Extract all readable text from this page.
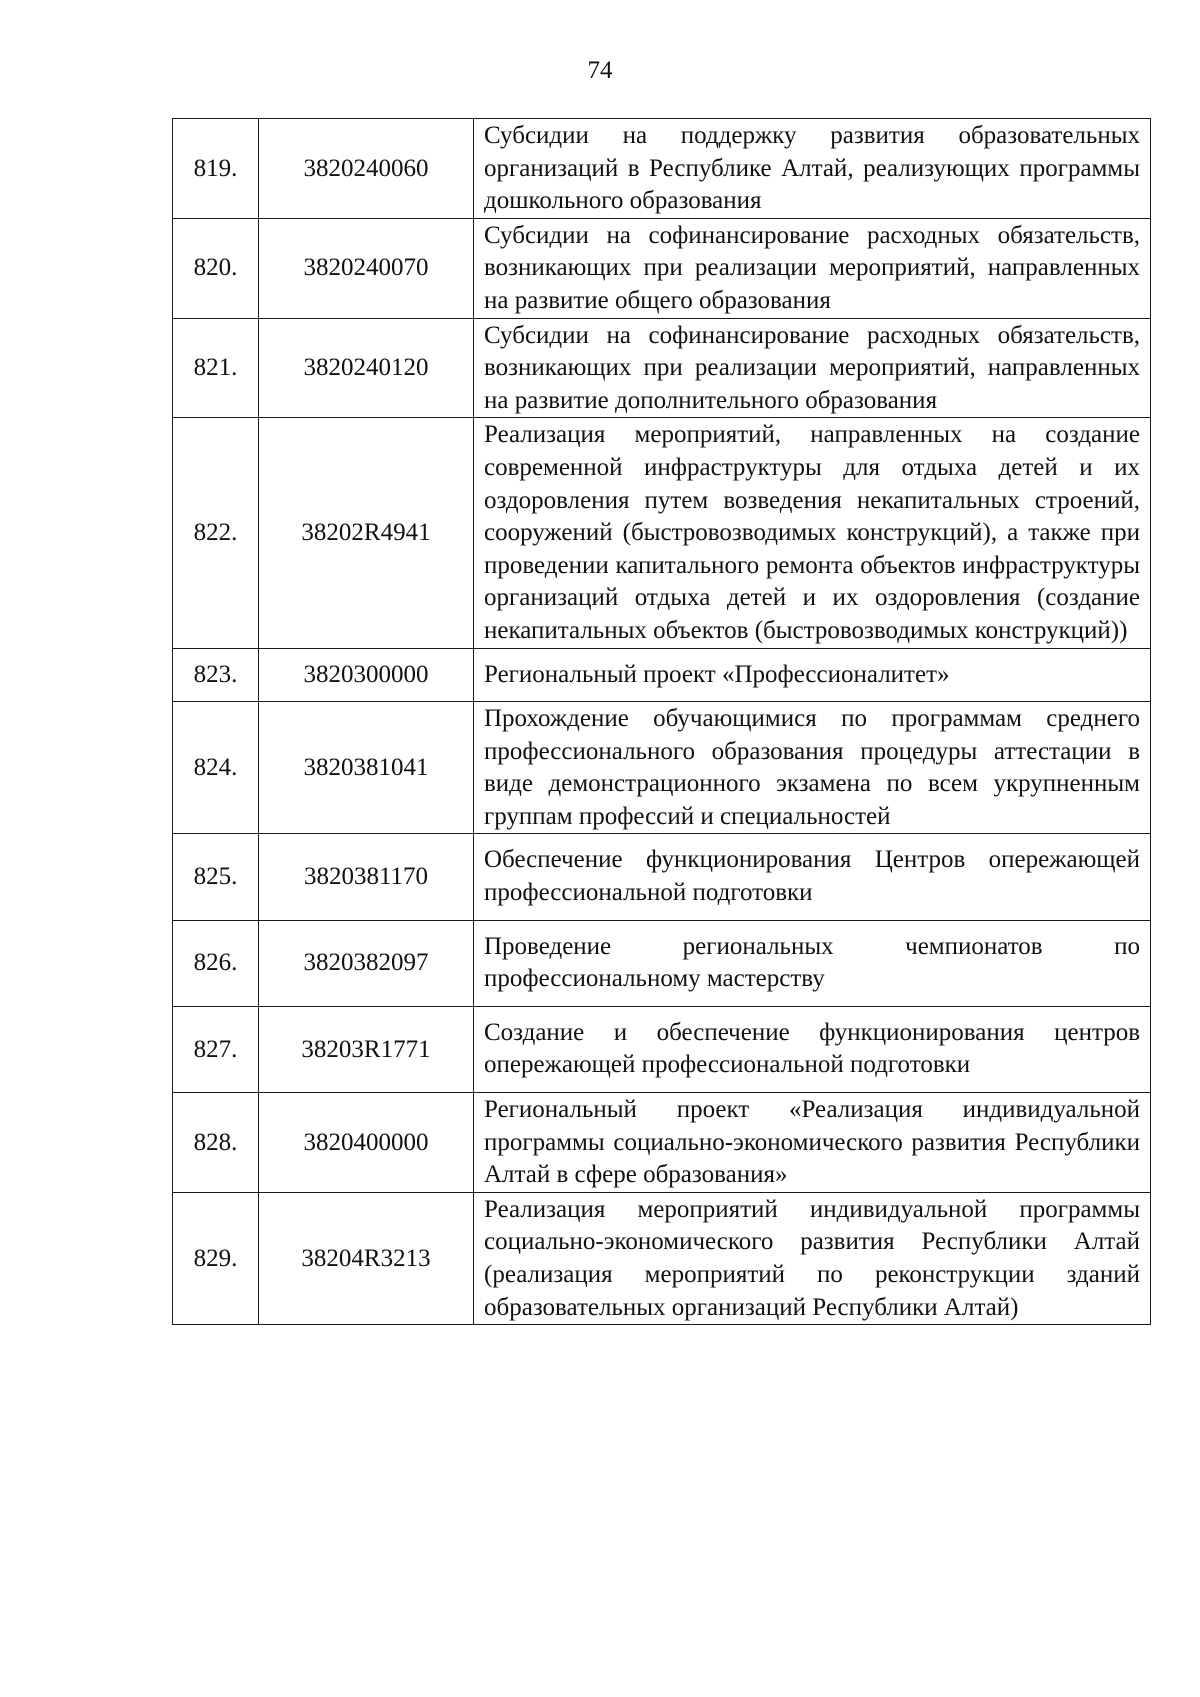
74
819.	3820240060	Субсидии на поддержку развития образовательных организаций в Республике Алтай, реализующих программы дошкольного образования
820.	3820240070	Субсидии на софинансирование расходных обязательств, возникающих при реализации мероприятий, направленных на развитие общего образования
821.	3820240120	Субсидии на софинансирование расходных обязательств, возникающих при реализации мероприятий, направленных на развитие дополнительного образования
822.	38202R4941	Реализация мероприятий, направленных на создание современной инфраструктуры для отдыха детей и их оздоровления путем возведения некапитальных строений, сооружений (быстровозводимых конструкций), а также при проведении капитального ремонта объектов инфраструктуры организаций отдыха детей и их оздоровления (создание некапитальных объектов (быстровозводимых конструкций))
823.	3820300000	Региональный проект «Профессионалитет»
824.	3820381041	Прохождение обучающимися по программам среднего профессионального образования процедуры аттестации в виде демонстрационного экзамена по всем укрупненным группам профессий и специальностей
825.	3820381170	Обеспечение функционирования Центров опережающей профессиональной подготовки
826.	3820382097	Проведение региональных чемпионатов по профессиональному мастерству
827.	38203R1771	Создание и обеспечение функционирования центров опережающей профессиональной подготовки
828.	3820400000	Региональный проект «Реализация индивидуальной программы социально-экономического развития Республики Алтай в сфере образования»
829.	38204R3213	Реализация мероприятий индивидуальной программы социально-экономического развития Республики Алтай (реализация мероприятий по реконструкции зданий образовательных организаций Республики Алтай)
